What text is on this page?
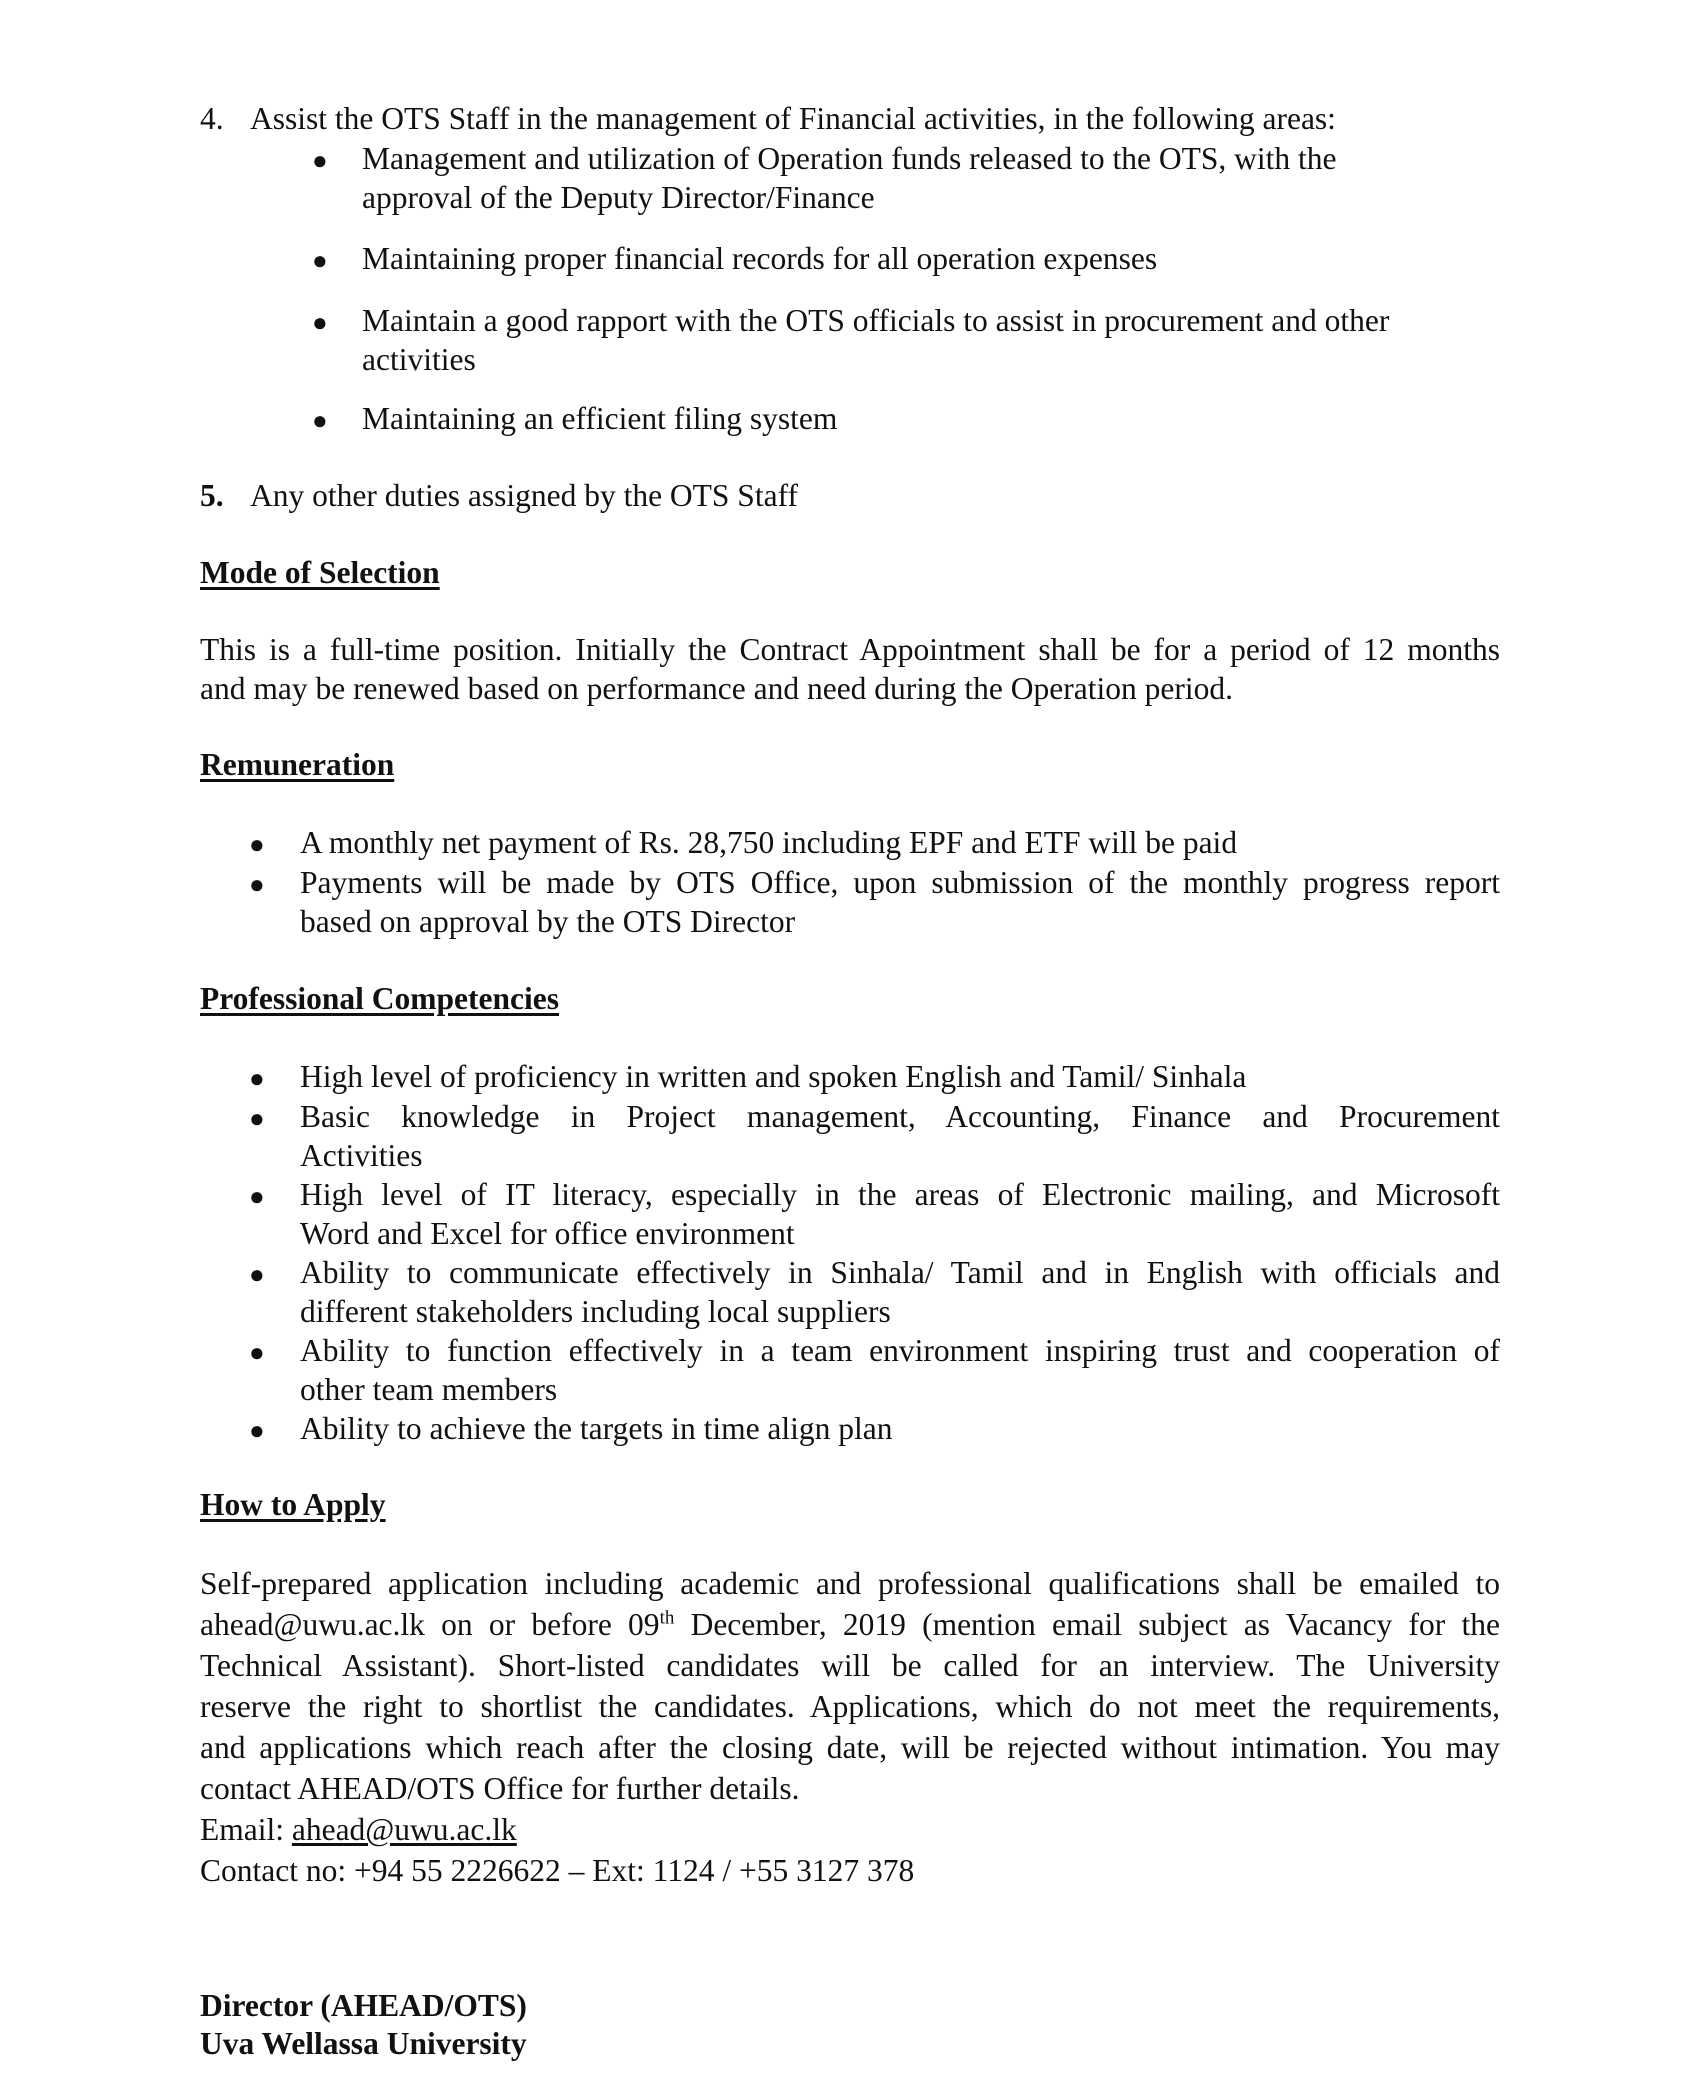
4. Assist the OTS Staff in the management of Financial activities, in the following areas:
● Management and utilization of Operation funds released to the OTS, with the
approval of the Deputy Director/Finance
● Maintaining proper financial records for all operation expenses
● Maintain a good rapport with the OTS officials to assist in procurement and other
activities
● Maintaining an efficient filing system
5. Any other duties assigned by the OTS Staff
Mode of Selection
This is a full-time position. Initially the Contract Appointment shall be for a period of 12 months
and may be renewed based on performance and need during the Operation period.
Remuneration
● A monthly net payment of Rs. 28,750 including EPF and ETF will be paid
● Payments will be made by OTS Office, upon submission of the monthly progress report
based on approval by the OTS Director
Professional Competencies
● High level of proficiency in written and spoken English and Tamil/ Sinhala
● Basic knowledge in Project management, Accounting, Finance and Procurement
Activities
● High level of IT literacy, especially in the areas of Electronic mailing, and Microsoft
Word and Excel for office environment
● Ability to communicate effectively in Sinhala/ Tamil and in English with officials and
different stakeholders including local suppliers
● Ability to function effectively in a team environment inspiring trust and cooperation of
other team members
● Ability to achieve the targets in time align plan
How to Apply
Self-prepared application including academic and professional qualifications shall be emailed to
ahead@uwu.ac.lk on or before 09th December, 2019 (mention email subject as Vacancy for the
Technical Assistant). Short-listed candidates will be called for an interview. The University
reserve the right to shortlist the candidates. Applications, which do not meet the requirements,
and applications which reach after the closing date, will be rejected without intimation. You may
contact AHEAD/OTS Office for further details.
Email: ahead@uwu.ac.lk
Contact no: +94 55 2226622 – Ext: 1124 / +55 3127 378
Director (AHEAD/OTS)
Uva Wellassa University
